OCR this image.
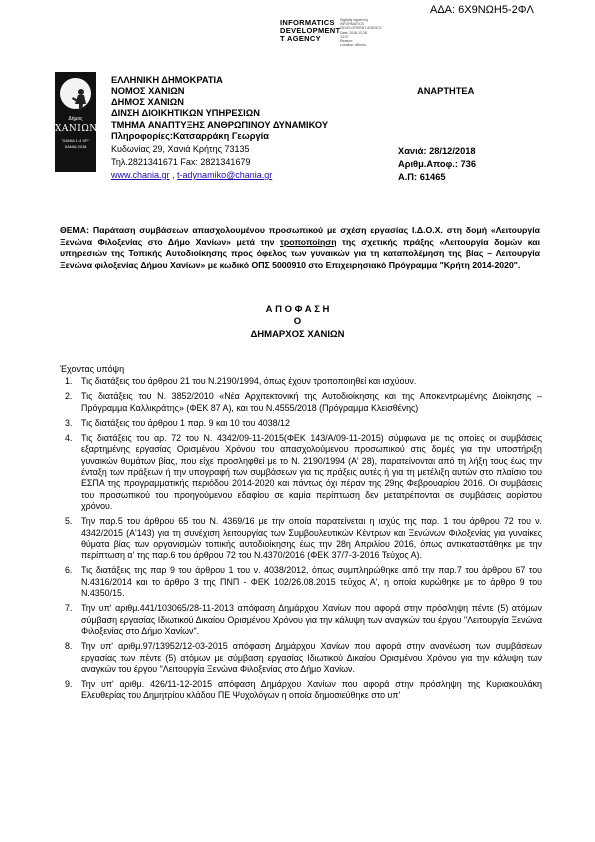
ΑΔΑ: 6Χ9ΝΩΗ5-2ΦΛ
INFORMATICS
DEVELOPMENT
T AGENCY
Digitally signed by
INFORMATICS
DEVELOPMENT AGENCY
Date: 2018.12.28
14:07
Reason:
Location: Athens
Δήμος
ΧΑΝΙΩΝ
"ΧΑΝΙΑ 1.4 ΧΡ."
ΧΑΝΙΑ 2018
ΕΛΛΗΝΙΚΗ ΔΗΜΟΚΡΑΤΙΑ
ΝΟΜΟΣ ΧΑΝΙΩΝ
ΔΗΜΟΣ ΧΑΝΙΩΝ
ΔΙΝΣΗ ΔΙΟΙΚΗΤΙΚΩΝ ΥΠΗΡΕΣΙΩΝ
ΤΜΗΜΑ ΑΝΑΠΤΥΞΗΣ ΑΝΘΡΩΠΙΝΟΥ ΔΥΝΑΜΙΚΟΥ
Πληροφορίες:Κατσαρράκη Γεωργία
Κυδωνίας 29, Χανιά Κρήτης 73135
Τηλ.2821341671 Fax: 2821341679
www.chania.gr , t-adynamiko@chania.gr
ΑΝΑΡΤΗΤΕΑ
Χανιά: 28/12/2018
Αριθμ.Αποφ.: 736
Α.Π: 61465
ΘΕΜΑ: Παράταση συμβάσεων απασχολουμένου προσωπικού με σχέση εργασίας Ι.Δ.Ο.Χ. στη δομή «Λειτουργία Ξενώνα Φιλοξενίας στο Δήμο Χανίων» μετά την τροποποίηση της σχετικής πράξης «Λειτουργία δομών και υπηρεσιών της Τοπικής Αυτοδιοίκησης προς όφελος των γυναικών για τη καταπολέμηση της βίας – Λειτουργία Ξενώνα φιλοξενίας Δήμου Χανίων» με κωδικό ΟΠΣ 5000910 στο Επιχειρησιακό Πρόγραμμα "Κρήτη 2014-2020".
Α Π Ο Φ Α Σ Η
Ο
ΔΗΜΑΡΧΟΣ ΧΑΝΙΩΝ
Έχοντας υπόψη
1. Τις διατάξεις του άρθρου 21 του Ν.2190/1994, όπως έχουν τροποποιηθεί και ισχύουν.
2. Τις διατάξεις του Ν. 3852/2010 «Νέα Αρχιτεκτονική της Αυτοδιοίκησης και της Αποκεντρωμένης Διοίκησης – Πρόγραμμα Καλλικράτης» (ΦΕΚ 87 Α), και του Ν.4555/2018 (Πρόγραμμα Κλεισθένης)
3. Τις διατάξεις του άρθρου 1 παρ. 9 και 10 του 4038/12
4. Τις διατάξεις του αρ. 72 του Ν. 4342/09-11-2015(ΦΕΚ 143/Α/09-11-2015) σύμφωνα με τις οποίες οι συμβάσεις εξαρτημένης εργασίας Ορισμένου Χρόνου του απασχολούμενου προσωπικού στις δομές για την υποστήριξη γυναικών θυμάτων βίας, που είχε προσληφθεί με το Ν. 2190/1994 (Α' 28), παρατείνονται από τη λήξη τους έως την ένταξη των πράξεων ή την υπογραφή των συμβάσεων για τις πράξεις αυτές ή για τη μετέλιξη αυτών στο πλαίσιο του ΕΣΠΑ της προγραμματικής περιόδου 2014-2020 και πάντως όχι πέραν της 29ης Φεβρουαρίου 2016. Οι συμβάσεις του προσωπικού του προηγούμενου εδαφίου σε καμία περίπτωση δεν μετατρέπονται σε συμβάσεις αορίστου χρόνου.
5. Την παρ.5 του άρθρου 65 του Ν. 4369/16 με την οποία παρατείνεται η ισχύς της παρ. 1 του άρθρου 72 του ν. 4342/2015 (Α'143) για τη συνέχιση λειτουργίας των Συμβουλευτικών Κέντρων και Ξενώνων Φιλοξενίας για γυναίκες θύματα βίας των οργανισμών τοπικής αυτοδιοίκησης έως την 28η Απριλίου 2016, όπως αντικαταστάθηκε με την περίπτωση α' της παρ.6 του άρθρου 72 του Ν.4370/2016 (ΦΕΚ 37/7-3-2016 Τεύχος Α).
6. Τις διατάξεις της παρ 9 του άρθρου 1 του ν. 4038/2012, όπως συμπληρώθηκε από την παρ.7 του άρθρου 67 του Ν.4316/2014 και το άρθρο 3 της ΠΝΠ - ΦΕΚ 102/26.08.2015 τεύχος Α', η οποία κυρώθηκε με το άρθρο 9 του Ν.4350/15.
7. Την υπ' αριθμ.441/103065/28-11-2013 απόφαση Δημάρχου Χανίων που αφορά στην πρόσληψη πέντε (5) ατόμων σύμβαση εργασίας Ιδιωτικού Δικαίου Ορισμένου Χρόνου για την κάλυψη των αναγκών του έργου "Λειτουργία Ξενώνα Φιλοξενίας στο Δήμο Χανίων".
8. Την υπ' αριθμ.97/13952/12-03-2015 απόφαση Δημάρχου Χανίων που αφορά στην ανανέωση των συμβάσεων εργασίας των πέντε (5) ατόμων με σύμβαση εργασίας Ιδιωτικού Δικαίου Ορισμένου Χρόνου για την κάλυψη των αναγκών του έργου "Λειτουργία Ξενώνα Φιλοξενίας στο Δήμο Χανίων.
9. Την υπ' αριθμ. 426/11-12-2015 απόφαση Δημάρχου Χανίων που αφορά στην πρόσληψη της Κυριακουλάκη Ελευθερίας του Δημητρίου κλάδου ΠΕ Ψυχολόγων η οποία δημοσιεύθηκε στο υπ'
